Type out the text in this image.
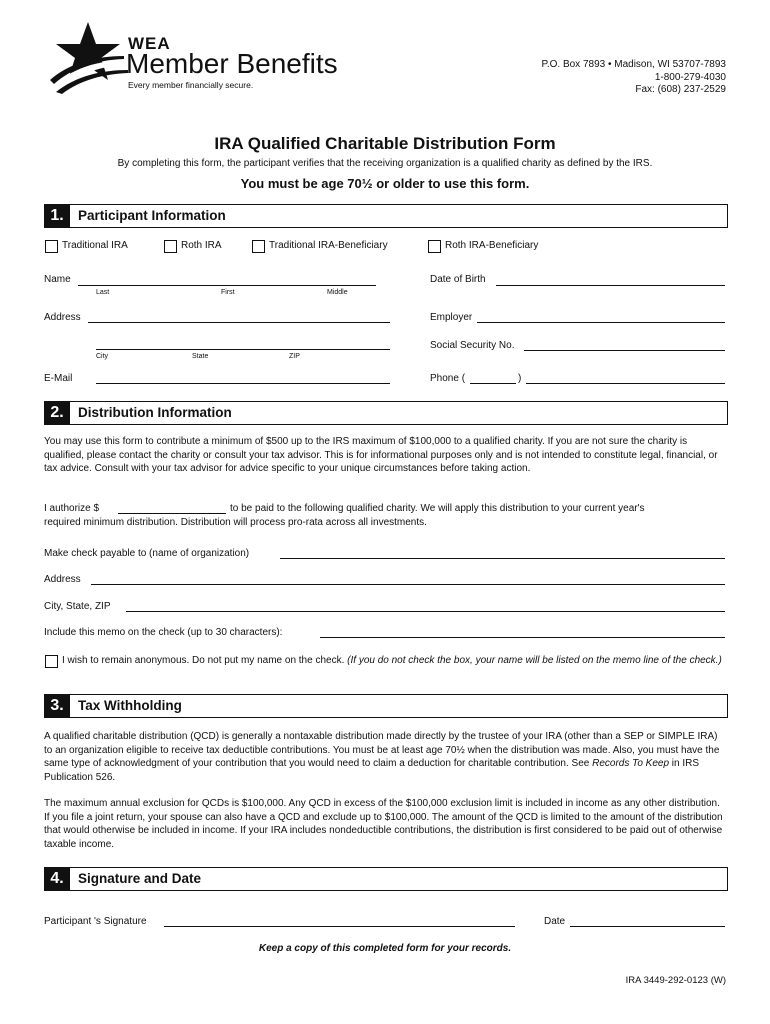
WEA
Member Benefits
Every member financially secure.
P.O. Box 7893 • Madison, WI 53707-7893
1-800-279-4030
Fax: (608) 237-2529
IRA Qualified Charitable Distribution Form
By completing this form, the participant verifies that the receiving organization is a qualified charity as defined by the IRS.
You must be age 70½ or older to use this form.
1.	Participant Information
Traditional IRA	Roth IRA	Traditional IRA-Beneficiary	Roth IRA-Beneficiary
Name
Last	First	Middle
Date of Birth
Address	Employer
City	State	ZIP
Social Security No.
E-Mail	Phone (	)
2.	Distribution Information
You may use this form to contribute a minimum of $500 up to the IRS maximum of $100,000 to a qualified charity. If you are not sure the charity is qualified, please contact the charity or consult your tax advisor. This is for informational purposes only and is not intended to constitute legal, financial, or tax advice. Consult with your tax advisor for advice specific to your unique circumstances before taking action.
I authorize $	to be paid to the following qualified charity. We will apply this distribution to your current year's
required minimum distribution. Distribution will process pro-rata across all investments.
Make check payable to (name of organization)
Address
City, State, ZIP
Include this memo on the check (up to 30 characters):
I wish to remain anonymous. Do not put my name on the check. (If you do not check the box, your name will be listed on the memo line of the check.)
3.	Tax Withholding
A qualified charitable distribution (QCD) is generally a nontaxable distribution made directly by the trustee of your IRA (other than a SEP or SIMPLE IRA) to an organization eligible to receive tax deductible contributions. You must be at least age 70½ when the distribution was made. Also, you must have the same type of acknowledgment of your contribution that you would need to claim a deduction for charitable contribution. See Records To Keep in IRS Publication 526.
The maximum annual exclusion for QCDs is $100,000. Any QCD in excess of the $100,000 exclusion limit is included in income as any other distribution. If you file a joint return, your spouse can also have a QCD and exclude up to $100,000. The amount of the QCD is limited to the amount of the distribution that would otherwise be included in income. If your IRA includes nondeductible contributions, the distribution is first considered to be paid out of otherwise taxable income.
4.	Signature and Date
Participant 's Signature	Date
Keep a copy of this completed form for your records.
IRA 3449-292-0123 (W)
